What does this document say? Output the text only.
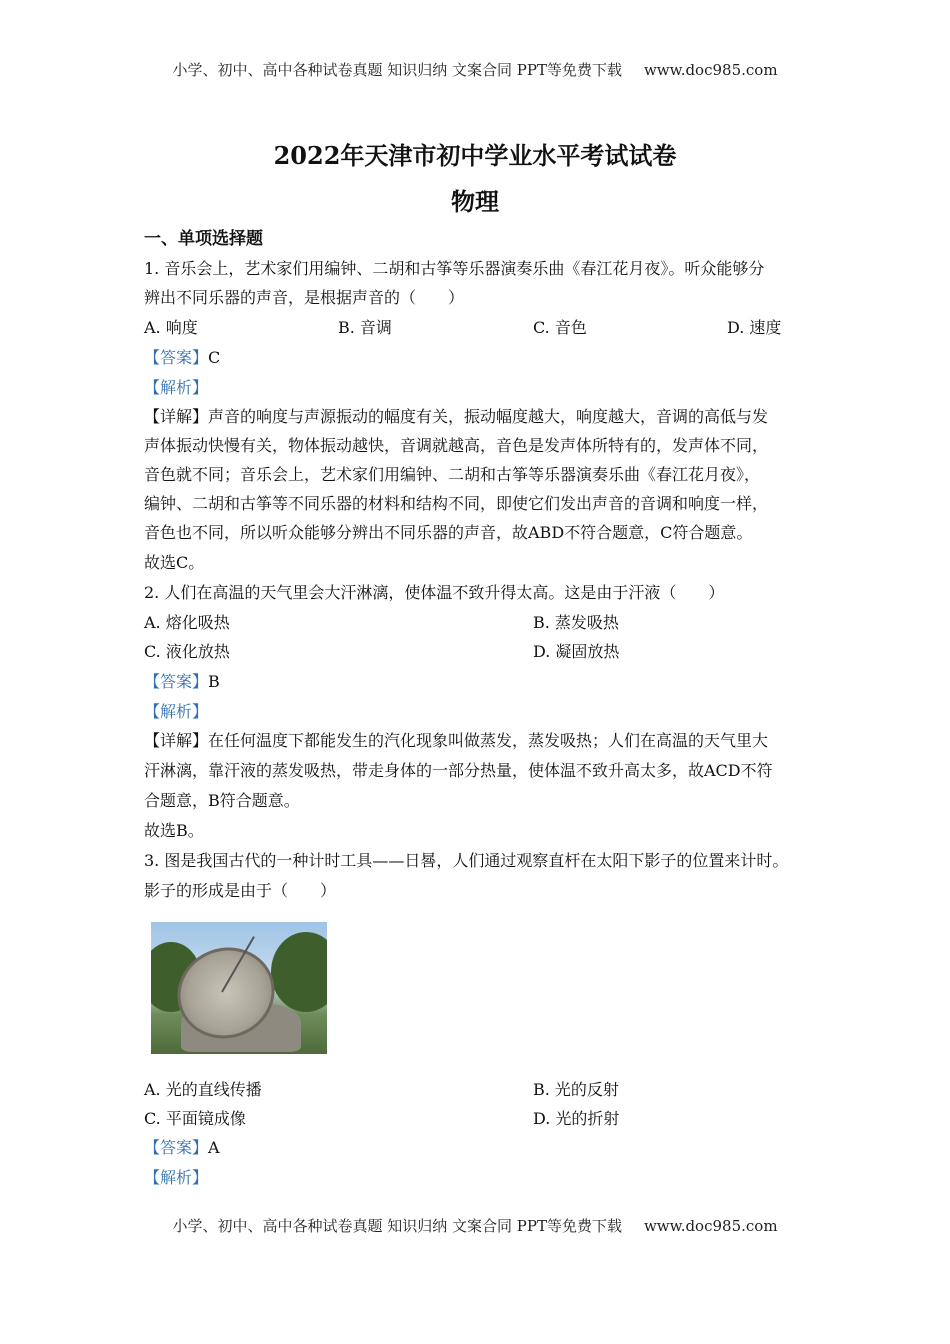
小学、初中、高中各种试卷真题 知识归纳 文案合同 PPT等免费下载 www.doc985.com
2022年天津市初中学业水平考试试卷
物理
一、单项选择题
1. 音乐会上，艺术家们用编钟、二胡和古筝等乐器演奏乐曲《春江花月夜》。听众能够分
辨出不同乐器的声音，是根据声音的（　　）
A. 响度	B. 音调	C. 音色	D. 速度
【答案】C
【解析】
【详解】声音的响度与声源振动的幅度有关，振动幅度越大，响度越大，音调的高低与发
声体振动快慢有关，物体振动越快，音调就越高，音色是发声体所特有的，发声体不同，
音色就不同；音乐会上，艺术家们用编钟、二胡和古筝等乐器演奏乐曲《春江花月夜》，
编钟、二胡和古筝等不同乐器的材料和结构不同，即使它们发出声音的音调和响度一样，
音色也不同，所以听众能够分辨出不同乐器的声音，故ABD不符合题意，C符合题意。
故选C。
2. 人们在高温的天气里会大汗淋漓，使体温不致升得太高。这是由于汗液（　　）
A. 熔化吸热	B. 蒸发吸热
C. 液化放热	D. 凝固放热
【答案】B
【解析】
【详解】在任何温度下都能发生的汽化现象叫做蒸发，蒸发吸热；人们在高温的天气里大
汗淋漓，靠汗液的蒸发吸热，带走身体的一部分热量，使体温不致升高太多，故ACD不符
合题意，B符合题意。
故选B。
3. 图是我国古代的一种计时工具——日晷，人们通过观察直杆在太阳下影子的位置来计时。
影子的形成是由于（　　）
A. 光的直线传播	B. 光的反射
C. 平面镜成像	D. 光的折射
【答案】A
【解析】
小学、初中、高中各种试卷真题 知识归纳 文案合同 PPT等免费下载 www.doc985.com
